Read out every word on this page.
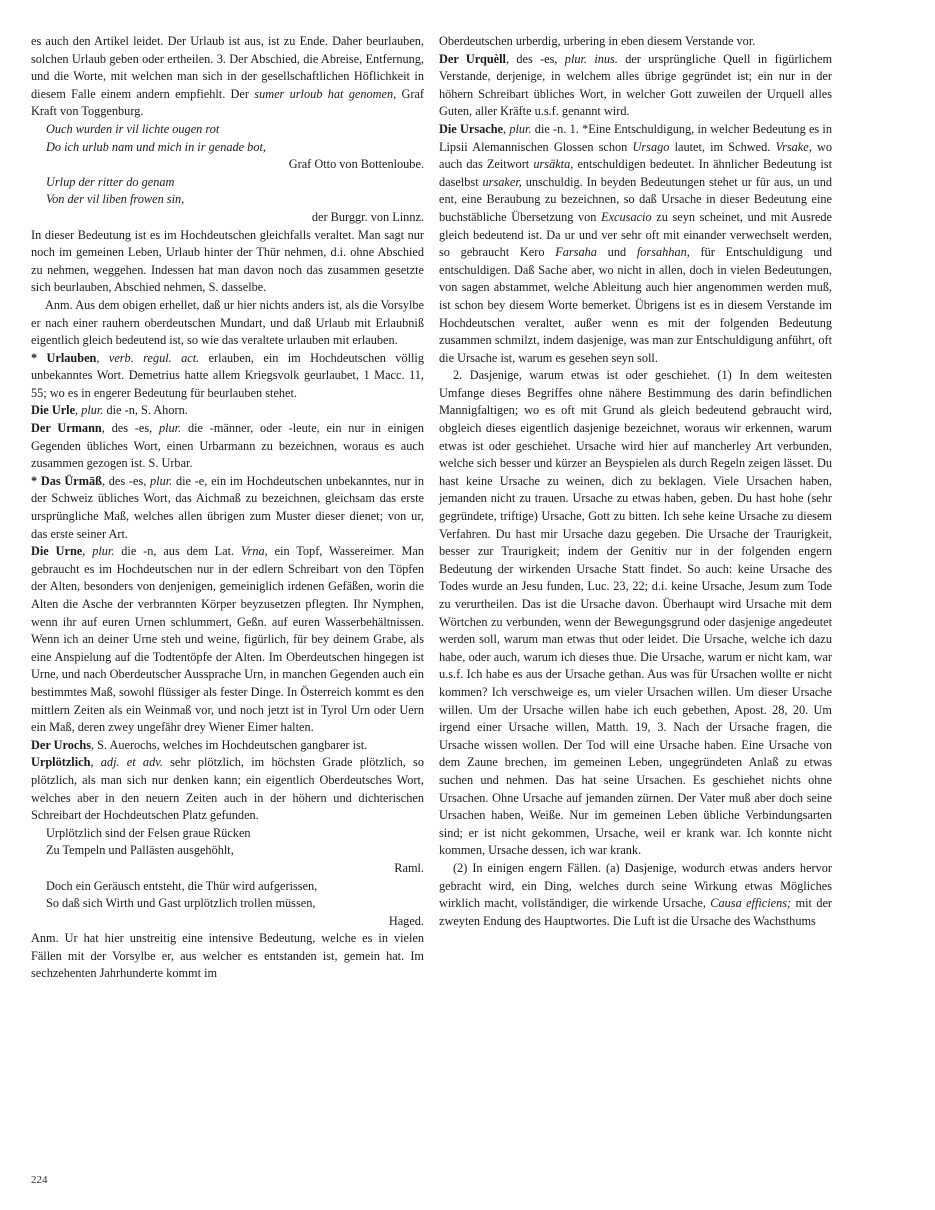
es auch den Artikel leidet. Der Urlaub ist aus, ist zu Ende. Daher beurlauben, solchen Urlaub geben oder ertheilen. 3. Der Abschied, die Abreise, Entfernung, und die Worte, mit welchen man sich in der gesellschaftlichen Höflichkeit in diesem Falle einem andern empfiehlt. Der sumer urloub hat genomen, Graf Kraft von Toggenburg.

Ouch wurden ir vil lichte ougen rot
Do ich urlub nam und mich in ir genade bot,
Graf Otto von Bottenloube.
Urlup der ritter do genam
Von der vil liben frowen sin,
der Burggr. von Linnz.

In dieser Bedeutung ist es im Hochdeutschen gleichfalls veraltet. Man sagt nur noch im gemeinen Leben, Urlaub hinter der Thür nehmen, d.i. ohne Abschied zu nehmen, weggehen. Indessen hat man davon noch das zusammen gesetzte sich beurlauben, Abschied nehmen, S. dasselbe.

Anm. Aus dem obigen erhellet, daß ur hier nichts anders ist, als die Vorsylbe er nach einer rauhern oberdeutschen Mundart, und daß Urlaub mit Erlaubniß eigentlich gleich bedeutend ist, so wie das veraltete urlauben mit erlauben.

* Urlauben, verb. regul. act. erlauben, ein im Hochdeutschen völlig unbekanntes Wort. Demetrius hatte allem Kriegsvolk geurlaubet, 1 Macc. 11, 55; wo es in engerer Bedeutung für beurlauben stehet.

Die Urle, plur. die -n, S. Ahorn.

Der Urmann, des -es, plur. die -männer, oder -leute, ein nur in einigen Gegenden übliches Wort, einen Urbarmann zu bezeichnen, woraus es auch zusammen gezogen ist. S. Urbar.

* Das Ürmāß, des -es, plur. die -e, ein im Hochdeutschen unbekanntes, nur in der Schweiz übliches Wort, das Aichmaß zu bezeichnen, gleichsam das erste ursprüngliche Maß, welches allen übrigen zum Muster dieser dienet; von ur, das erste seiner Art.

Die Urne, plur. die -n, aus dem Lat. Vrna, ein Topf, Wassereimer. Man gebraucht es im Hochdeutschen nur in der edlern Schreibart von den Töpfen der Alten, besonders von denjenigen, gemeiniglich irdenen Gefäßen, worin die Alten die Asche der verbrannten Körper beyzusetzen pflegten. Ihr Nymphen, wenn ihr auf euren Urnen schlummert, Geßn. auf euren Wasserbehältnissen. Wenn ich an deiner Urne steh und weine, figürlich, für bey deinem Grabe, als eine Anspielung auf die Todtentöpfe der Alten. Im Oberdeutschen hingegen ist Urne, und nach Oberdeutscher Aussprache Urn, in manchen Gegenden auch ein bestimmtes Maß, sowohl flüssiger als fester Dinge. In Österreich kommt es den mittlern Zeiten als ein Weinmaß vor, und noch jetzt ist in Tyrol Urn oder Uern ein Maß, deren zwey ungefähr drey Wiener Eimer halten.

Der Urochs, S. Auerochs, welches im Hochdeutschen gangbarer ist.

Urplötzlich, adj. et adv. sehr plötzlich, im höchsten Grade plötzlich, so plötzlich, als man sich nur denken kann; ein eigentlich Oberdeutsches Wort, welches aber in den neuern Zeiten auch in der höhern und dichterischen Schreibart der Hochdeutschen Platz gefunden.

Urplötzlich sind der Felsen graue Rücken
Zu Tempeln und Pallästen ausgehöhlt,
Raml.
Doch ein Geräusch entsteht, die Thür wird aufgerissen,
So daß sich Wirth und Gast urplötzlich trollen müssen,
Haged.

Anm. Ur hat hier unstreitig eine intensive Bedeutung, welche es in vielen Fällen mit der Vorsylbe er, aus welcher es entstanden ist, gemein hat. Im sechzehenten Jahrhunderte kommt im

Oberdeutschen urberdig, urbering in eben diesem Verstande vor.

Der Urquèll, des -es, plur. inus. der ursprüngliche Quell in figürlichem Verstande, derjenige, in welchem alles übrige gegründet ist; ein nur in der höhern Schreibart übliches Wort, in welcher Gott zuweilen der Urquell alles Guten, aller Kräfte u.s.f. genannt wird.

Die Ursache, plur. die -n. 1. *Eine Entschuldigung, in welcher Bedeutung es in Lipsii Alemannischen Glossen schon Ursago lautet, im Schwed. Vrsake, wo auch das Zeitwort ursäkta, entschuldigen bedeutet. In ähnlicher Bedeutung ist daselbst ursaker, unschuldig. In beyden Bedeutungen stehet ur für aus, un und ent, eine Beraubung zu bezeichnen, so daß Ursache in dieser Bedeutung eine buchstäbliche Übersetzung von Excusacio zu seyn scheinet, und mit Ausrede gleich bedeutend ist. Da ur und ver sehr oft mit einander verwechselt werden, so gebraucht Kero Farsaha und forsahhan, für Entschuldigung und entschuldigen. Daß Sache aber, wo nicht in allen, doch in vielen Bedeutungen, von sagen abstammet, welche Ableitung auch hier angenommen werden muß, ist schon bey diesem Worte bemerket. Übrigens ist es in diesem Verstande im Hochdeutschen veraltet, außer wenn es mit der folgenden Bedeutung zusammen schmilzt, indem dasjenige, was man zur Entschuldigung anführt, oft die Ursache ist, warum es gesehen seyn soll.

2. Dasjenige, warum etwas ist oder geschiehet. (1) In dem weitesten Umfange dieses Begriffes ohne nähere Bestimmung des darin befindlichen Mannigfaltigen; wo es oft mit Grund als gleich bedeutend gebraucht wird, obgleich dieses eigentlich dasjenige bezeichnet, woraus wir erkennen, warum etwas ist oder geschiehet. Ursache wird hier auf mancherley Art verbunden, welche sich besser und kürzer an Beyspielen als durch Regeln zeigen lässet. Du hast keine Ursache zu weinen, dich zu beklagen. Viele Ursachen haben, jemanden nicht zu trauen. Ursache zu etwas haben, geben. Du hast hohe (sehr gegründete, triftige) Ursache, Gott zu bitten. Ich sehe keine Ursache zu diesem Verfahren. Du hast mir Ursache dazu gegeben. Die Ursache der Traurigkeit, besser zur Traurigkeit; indem der Genitiv nur in der folgenden engern Bedeutung der wirkenden Ursache Statt findet. So auch: keine Ursache des Todes wurde an Jesu funden, Luc. 23, 22; d.i. keine Ursache, Jesum zum Tode zu verurtheilen. Das ist die Ursache davon. Überhaupt wird Ursache mit dem Wörtchen zu verbunden, wenn der Bewegungsgrund oder dasjenige angedeutet werden soll, warum man etwas thut oder leidet. Die Ursache, welche ich dazu habe, oder auch, warum ich dieses thue. Die Ursache, warum er nicht kam, war u.s.f. Ich habe es aus der Ursache gethan. Aus was für Ursachen wollte er nicht kommen? Ich verschweige es, um vieler Ursachen willen. Um dieser Ursache willen. Um der Ursache willen habe ich euch gebethen, Apost. 28, 20. Um irgend einer Ursache willen, Matth. 19, 3. Nach der Ursache fragen, die Ursache wissen wollen. Der Tod will eine Ursache haben. Eine Ursache von dem Zaune brechen, im gemeinen Leben, ungegründeten Anlaß zu etwas suchen und nehmen. Das hat seine Ursachen. Es geschiehet nichts ohne Ursachen. Ohne Ursache auf jemanden zürnen. Der Vater muß aber doch seine Ursachen haben, Weiße. Nur im gemeinen Leben übliche Verbindungsarten sind; er ist nicht gekommen, Ursache, weil er krank war. Ich konnte nicht kommen, Ursache dessen, ich war krank.

(2) In einigen engern Fällen. (a) Dasjenige, wodurch etwas anders hervor gebracht wird, ein Ding, welches durch seine Wirkung etwas Mögliches wirklich macht, vollständiger, die wirkende Ursache, Causa efficiens; mit der zweyten Endung des Hauptwortes. Die Luft ist die Ursache des Wachsthums

224
